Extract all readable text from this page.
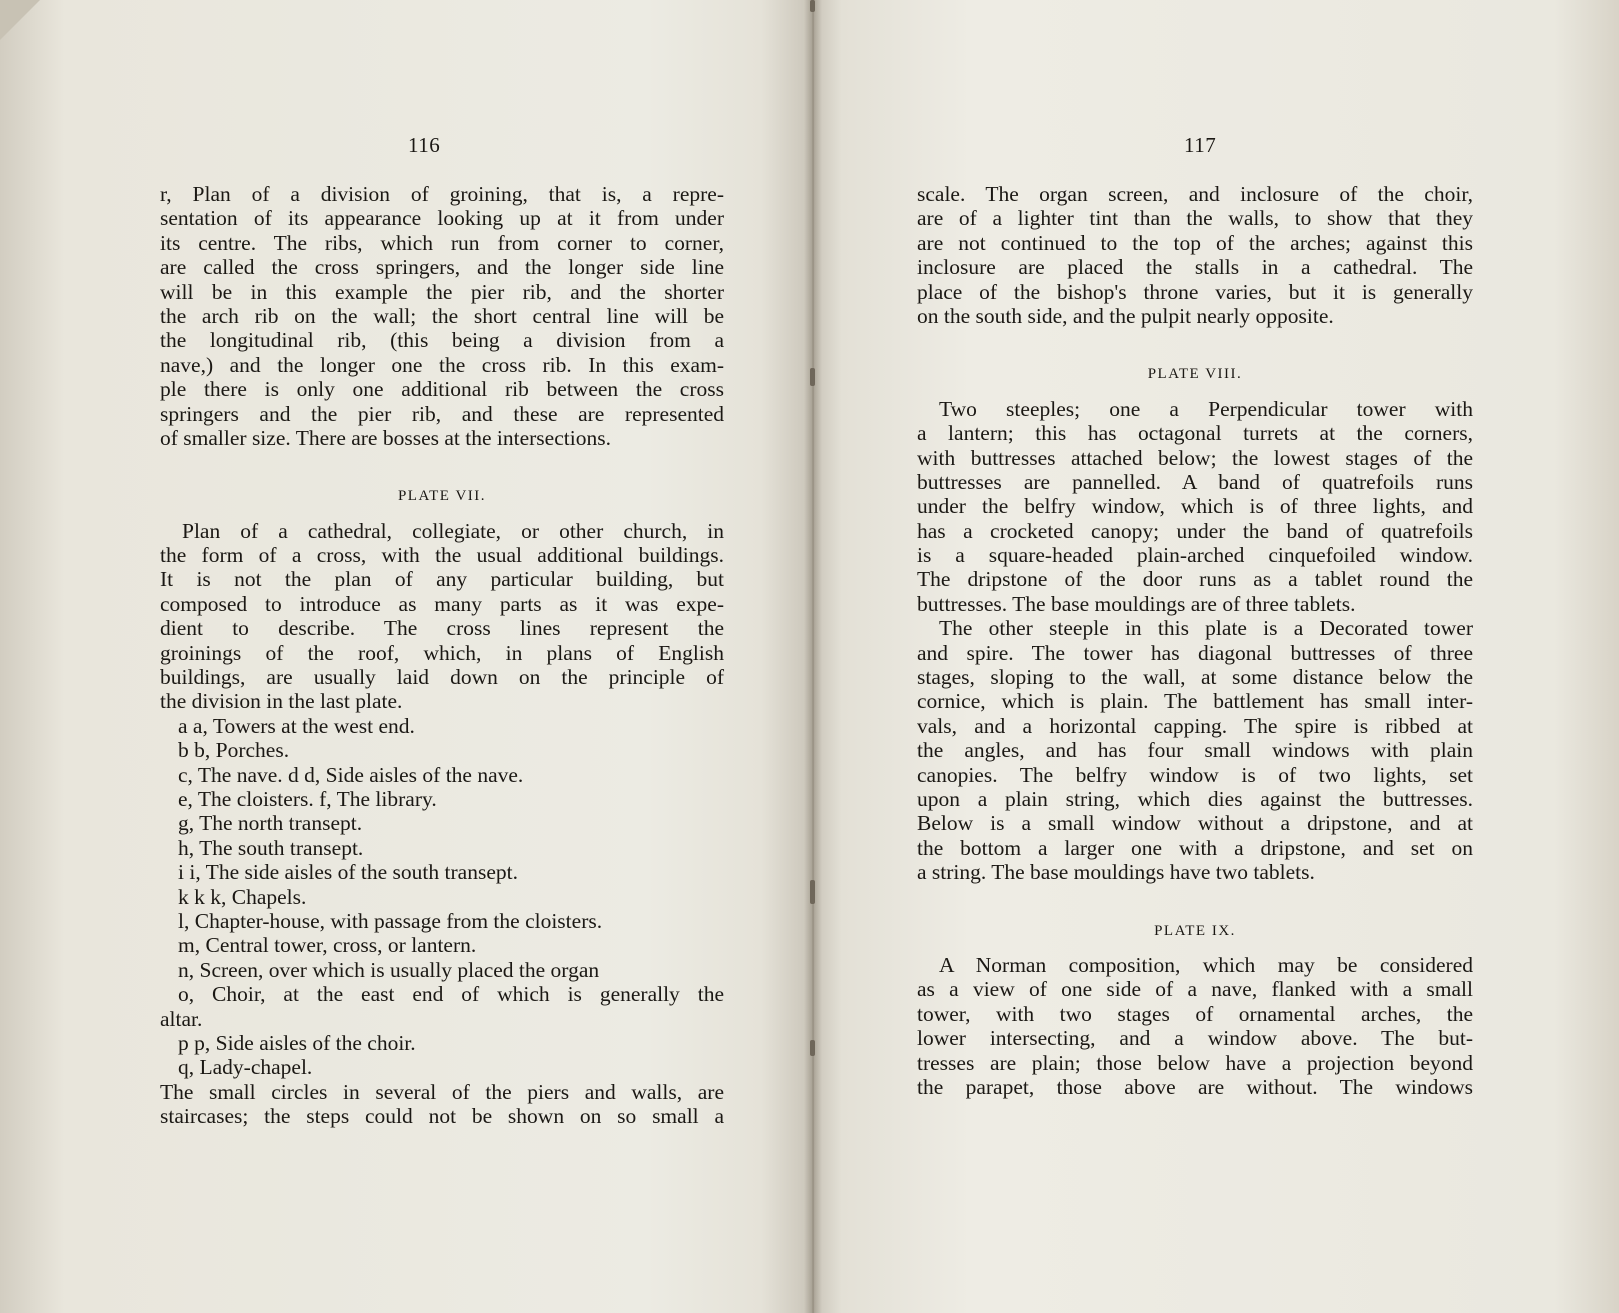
116
r, Plan of a division of groining, that is, a repre-
sentation of its appearance looking up at it from under
its centre. The ribs, which run from corner to corner,
are called the cross springers, and the longer side line
will be in this example the pier rib, and the shorter
the arch rib on the wall; the short central line will be
the longitudinal rib, (this being a division from a
nave,) and the longer one the cross rib. In this exam-
ple there is only one additional rib between the cross
springers and the pier rib, and these are represented
of smaller size. There are bosses at the intersections.
PLATE VII.
Plan of a cathedral, collegiate, or other church, in
the form of a cross, with the usual additional buildings.
It is not the plan of any particular building, but
composed to introduce as many parts as it was expe-
dient to describe. The cross lines represent the
groinings of the roof, which, in plans of English
buildings, are usually laid down on the principle of
the division in the last plate.
a a, Towers at the west end.
b b, Porches.
c, The nave. d d, Side aisles of the nave.
e, The cloisters. f, The library.
g, The north transept.
h, The south transept.
i i, The side aisles of the south transept.
k k k, Chapels.
l, Chapter-house, with passage from the cloisters.
m, Central tower, cross, or lantern.
n, Screen, over which is usually placed the organ
o, Choir, at the east end of which is generally the
altar.
p p, Side aisles of the choir.
q, Lady-chapel.
The small circles in several of the piers and walls, are
staircases; the steps could not be shown on so small a
117
scale. The organ screen, and inclosure of the choir,
are of a lighter tint than the walls, to show that they
are not continued to the top of the arches; against this
inclosure are placed the stalls in a cathedral. The
place of the bishop's throne varies, but it is generally
on the south side, and the pulpit nearly opposite.
PLATE VIII.
Two steeples; one a Perpendicular tower with
a lantern; this has octagonal turrets at the corners,
with buttresses attached below; the lowest stages of the
buttresses are pannelled. A band of quatrefoils runs
under the belfry window, which is of three lights, and
has a crocketed canopy; under the band of quatrefoils
is a square-headed plain-arched cinquefoiled window.
The dripstone of the door runs as a tablet round the
buttresses. The base mouldings are of three tablets.
The other steeple in this plate is a Decorated tower
and spire. The tower has diagonal buttresses of three
stages, sloping to the wall, at some distance below the
cornice, which is plain. The battlement has small inter-
vals, and a horizontal capping. The spire is ribbed at
the angles, and has four small windows with plain
canopies. The belfry window is of two lights, set
upon a plain string, which dies against the buttresses.
Below is a small window without a dripstone, and at
the bottom a larger one with a dripstone, and set on
a string. The base mouldings have two tablets.
PLATE IX.
A Norman composition, which may be considered
as a view of one side of a nave, flanked with a small
tower, with two stages of ornamental arches, the
lower intersecting, and a window above. The but-
tresses are plain; those below have a projection beyond
the parapet, those above are without. The windows
